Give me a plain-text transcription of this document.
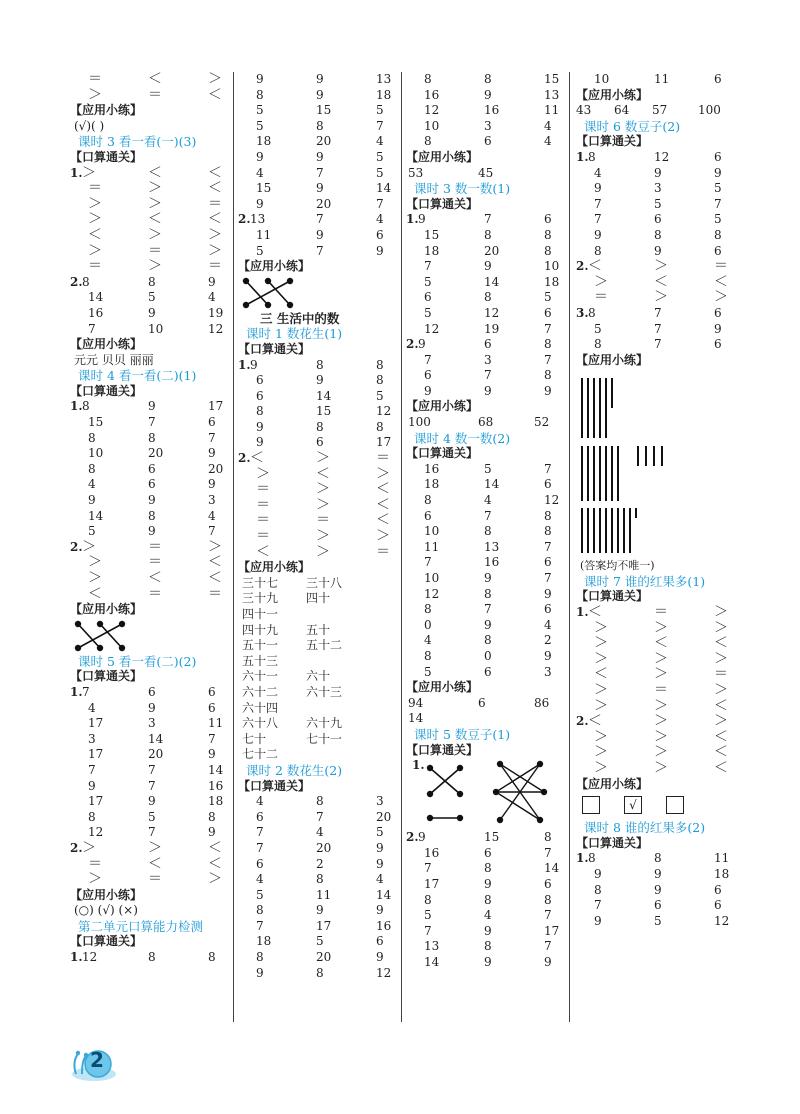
＝	＜	＞
＞	＝	＜
【应用小练】
(√)( )
课时 3 看一看(一)(3)
【口算通关】
1. ＞	＜	＜
＝	＞	＜
＞	＞	＝
＞	＜	＜
＜	＞	＞
＞	＝	＞
＝	＞	＝
2. 8	8	9
14	5	4
16	9	19
7	10	12
【应用小练】
元元 贝贝 丽丽
课时 4 看一看(二)(1)
【口算通关】
1. 8	9	17
15	7	6
8	8	7
10	20	9
8	6	20
4	6	9
9	9	3
14	8	4
5	9	7
2. ＞	＝	＞
＞	＝	＜
＞	＜	＜
＜	＝	＝
【应用小练】
课时 5 看一看(二)(2)
【口算通关】
1. 7	6	6
4	9	6
17	3	11
3	14	7
17	20	9
7	7	14
9	7	16
17	9	18
8	5	8
12	7	9
2. ＞	＞	＜
＝	＜	＜
＞	＝	＞
【应用小练】
(○) (√) (×)
第二单元口算能力检测
【口算通关】
1. 12	8	8
9	9	13
8	9	18
5	15	5
5	8	7
18	20	4
9	9	5
4	7	5
15	9	14
9	20	7
2. 13	7	4
11	9	6
5	7	9
【应用小练】
三 生活中的数
课时 1 数花生(1)
【口算通关】
1. 9	8	8
6	9	8
6	14	5
8	15	12
9	8	8
9	6	17
2. ＜	＞	＝
＞	＜	＞
＝	＞	＜
＝	＞	＜
＝	＝	＜
＝	＞	＞
＜	＞	＝
【应用小练】
三十七 三十八
三十九 四十
四十一
四十九 五十
五十一 五十二
五十三
六十一 六十
六十二 六十三
六十四
六十八 六十九
七十	七十一
七十二
课时 2 数花生(2)
【口算通关】
4	8	3
6	7	20
7	4	5
7	20	9
6	2	9
4	8	4
5	11	14
8	9	9
7	17	16
18	5	6
8	20	9
9	8	12
8	8	15
16	9	13
12	16	11
10	3	4
8	6	4
【应用小练】
53	45
课时 3 数一数(1)
【口算通关】
1. 9	7	6
15	8	8
18	20	8
7	9	10
5	14	18
6	8	5
5	12	6
12	19	7
2. 9	6	8
7	3	7
6	7	8
9	9	9
【应用小练】
100	68	52
课时 4 数一数(2)
【口算通关】
16	5	7
18	14	6
8	4	12
6	7	8
10	8	8
11	13	7
7	16	6
10	9	7
12	8	9
8	7	6
0	9	4
4	8	2
8	0	9
5	6	3
【应用小练】
94	6	86
14
课时 5 数豆子(1)
【口算通关】
1.
2. 9	15	8
16	6	7
7	8	14
17	9	6
8	8	8
5	4	7
7	9	17
13	8	7
14	9	9
10	11	6
【应用小练】
43 64 57	100
课时 6 数豆子(2)
【口算通关】
1. 8	12	6
4	9	9
9	3	5
7	5	7
7	6	5
9	8	8
8	9	6
2. ＜	＞	＝
＞	＜	＜
＝	＞	＞
3. 8	7	6
5	7	9
8	7	6
【应用小练】
(答案均不唯一)
课时 7 谁的红果多(1)
【口算通关】
1. ＜	＝	＞
＞	＞	＞
＞	＜	＜
＞	＞	＞
＜	＞	＝
＞	＝	＞
＞	＞	＜
2. ＜	＞	＞
＞	＞	＜
＞	＞	＜
＞	＞	＜
【应用小练】
√
课时 8 谁的红果多(2)
【口算通关】
1. 8	8	11
9	9	18
8	9	6
7	6	6
9	5	12
2
